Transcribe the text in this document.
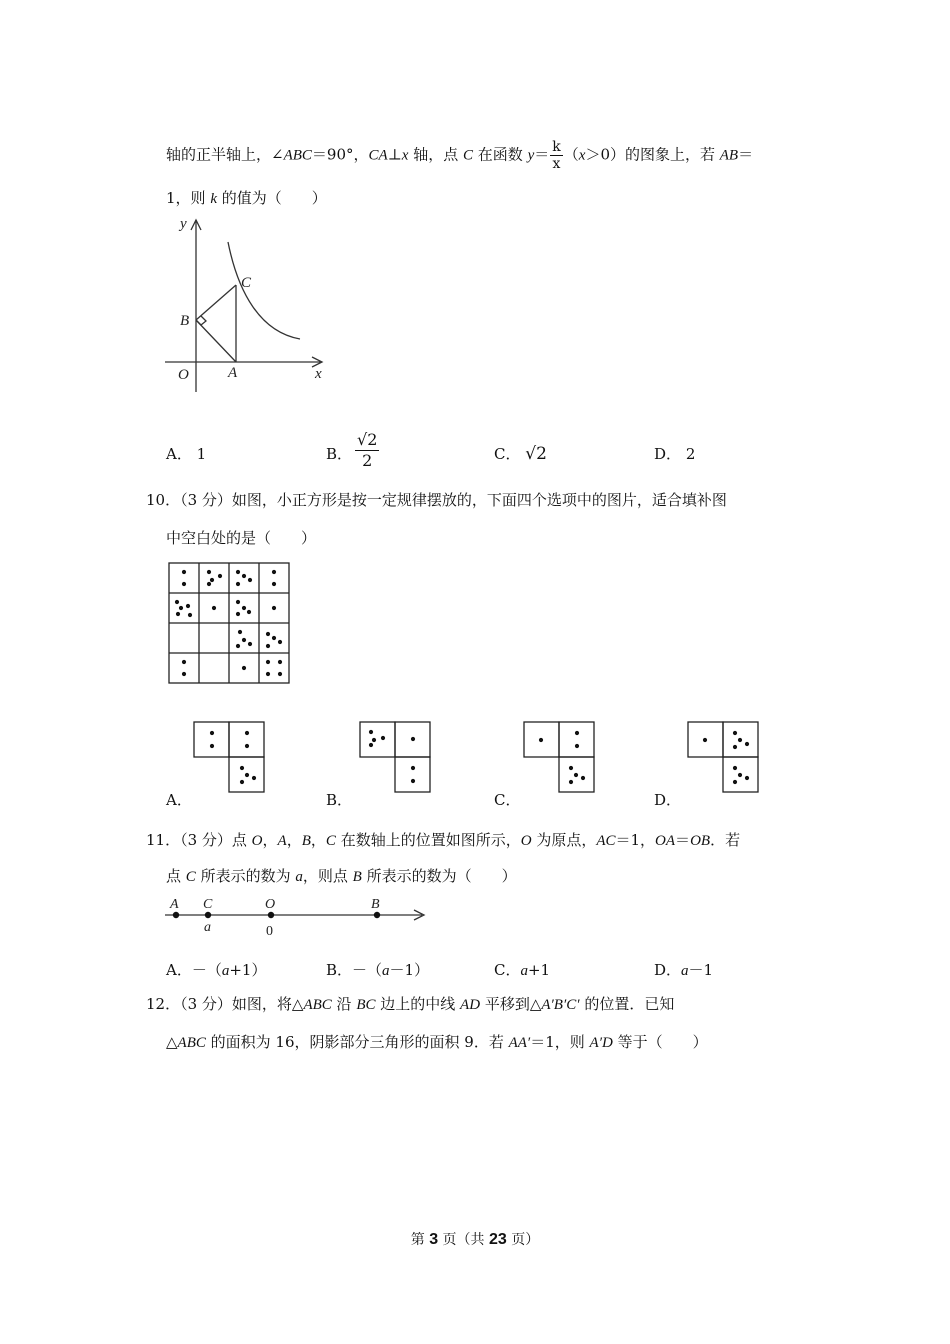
轴的正半轴上，∠ABC＝90°，CA⊥x 轴，点 C 在函数 $y= \frac{k}{x} (x>0)$的图象上，若 AB＝
1，则 k 的值为（　　）
y
x
O	A
B
C
A． 1	B． $\frac{√2}{2}$	C． √2	D． 2
10．（3 分）如图，小正方形是按一定规律摆放的，下面四个选项中的图片，适合填补图
中空白处的是（　　）
A．	B．	C．	D．
11．（3 分）点 O，A，B，C 在数轴上的位置如图所示，O 为原点，AC＝1，OA＝OB．若
点 C 所表示的数为 a，则点 B 所表示的数为（　　）
A C	O	B
a	0
A．－（a+1）	B．－（a－1）	C．a+1	D．a－1
12．（3 分）如图，将△ABC 沿 BC 边上的中线 AD 平移到△A′B′C′ 的位置．已知
△ABC 的面积为 16，阴影部分三角形的面积 9．若 AA′＝1，则 A′D 等于（　　）
第 3 页（共 23 页）
